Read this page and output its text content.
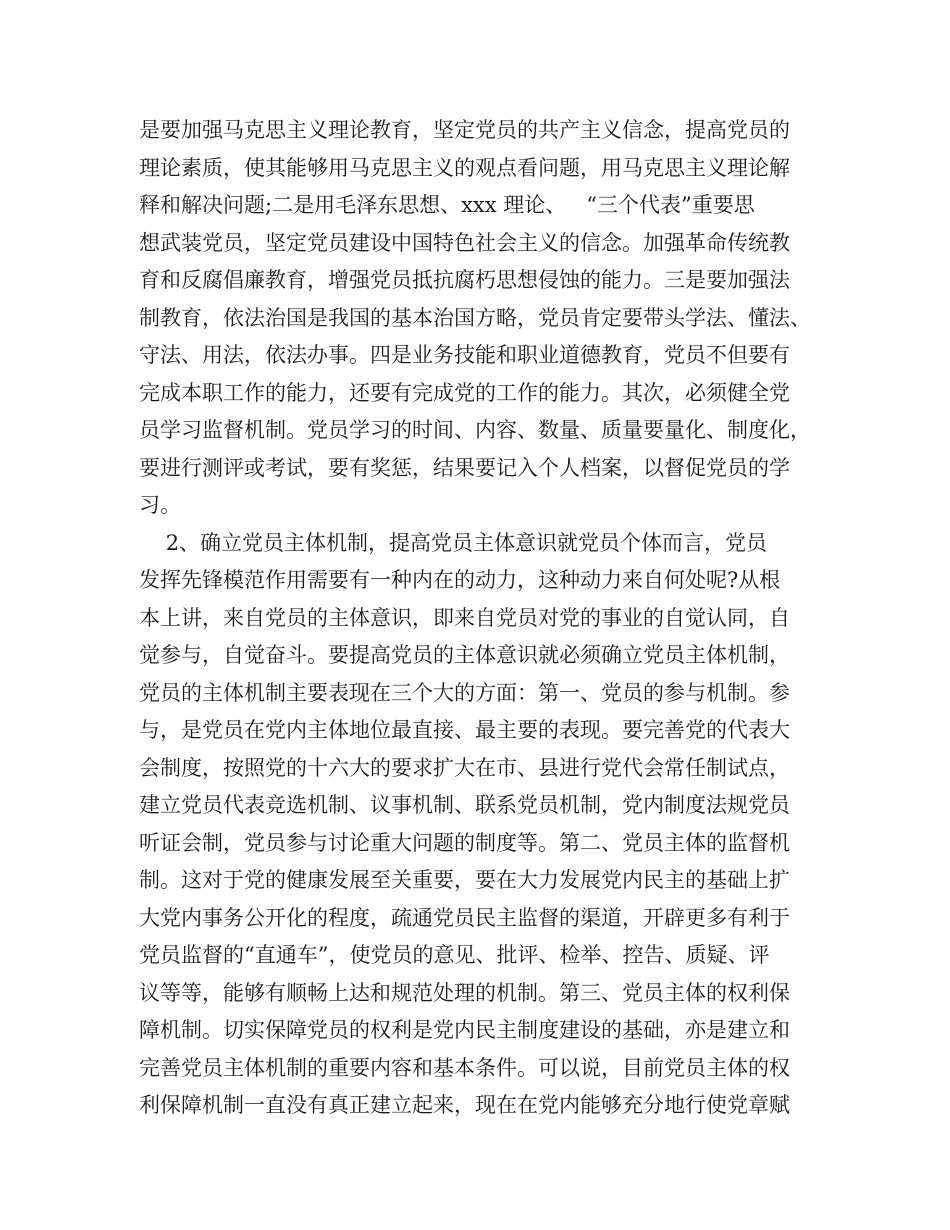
是要加强马克思主义理论教育，坚定党员的共产主义信念，提高党员的
理论素质，使其能够用马克思主义的观点看问题，用马克思主义理论解
释和解决问题;二是用毛泽东思想、xxx 理论、   “三个代表”重要思
想武装党员，坚定党员建设中国特色社会主义的信念。加强革命传统教
育和反腐倡廉教育，增强党员抵抗腐朽思想侵蚀的能力。三是要加强法
制教育，依法治国是我国的基本治国方略，党员肯定要带头学法、懂法、
守法、用法，依法办事。四是业务技能和职业道德教育，党员不但要有
完成本职工作的能力，还要有完成党的工作的能力。其次，必须健全党
员学习监督机制。党员学习的时间、内容、数量、质量要量化、制度化，
要进行测评或考试，要有奖惩，结果要记入个人档案，以督促党员的学
习。
2、确立党员主体机制，提高党员主体意识就党员个体而言，党员
发挥先锋模范作用需要有一种内在的动力，这种动力来自何处呢?从根
本上讲，来自党员的主体意识，即来自党员对党的事业的自觉认同，自
觉参与，自觉奋斗。要提高党员的主体意识就必须确立党员主体机制，
党员的主体机制主要表现在三个大的方面：第一、党员的参与机制。参
与，是党员在党内主体地位最直接、最主要的表现。要完善党的代表大
会制度，按照党的十六大的要求扩大在市、县进行党代会常任制试点，
建立党员代表竞选机制、议事机制、联系党员机制，党内制度法规党员
听证会制，党员参与讨论重大问题的制度等。第二、党员主体的监督机
制。这对于党的健康发展至关重要，要在大力发展党内民主的基础上扩
大党内事务公开化的程度，疏通党员民主监督的渠道，开辟更多有利于
党员监督的“直通车”，使党员的意见、批评、检举、控告、质疑、评
议等等，能够有顺畅上达和规范处理的机制。第三、党员主体的权利保
障机制。切实保障党员的权利是党内民主制度建设的基础，亦是建立和
完善党员主体机制的重要内容和基本条件。可以说，目前党员主体的权
利保障机制一直没有真正建立起来，现在在党内能够充分地行使党章赋
